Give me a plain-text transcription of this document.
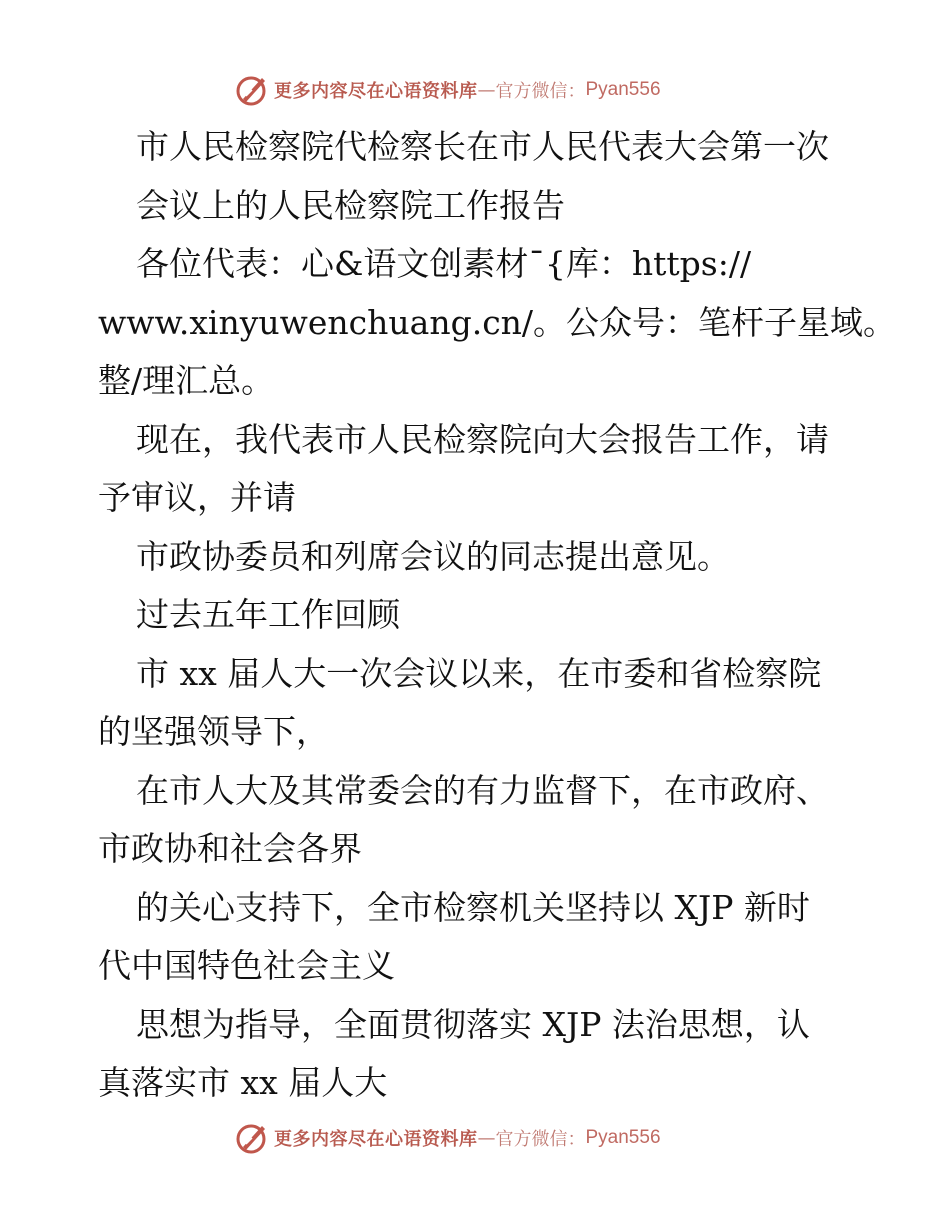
更多内容尽在心语资料库 — 官方微信： Pyan556
市人民检察院代检察长在市人民代表大会第一次
会议上的人民检察院工作报告
各位代表：心&语文创素材¯{库：https://
www.xinyuwenchuang.cn/。公众号：笔杆子星域。
整/理汇总。
现在，我代表市人民检察院向大会报告工作，请
予审议，并请
市政协委员和列席会议的同志提出意见。
过去五年工作回顾
市 xx 届人大一次会议以来，在市委和省检察院
的坚强领导下，
在市人大及其常委会的有力监督下，在市政府、
市政协和社会各界
的关心支持下，全市检察机关坚持以 XJP 新时
代中国特色社会主义
思想为指导，全面贯彻落实 XJP 法治思想，认
真落实市 xx 届人大
更多内容尽在心语资料库 — 官方微信： Pyan556
